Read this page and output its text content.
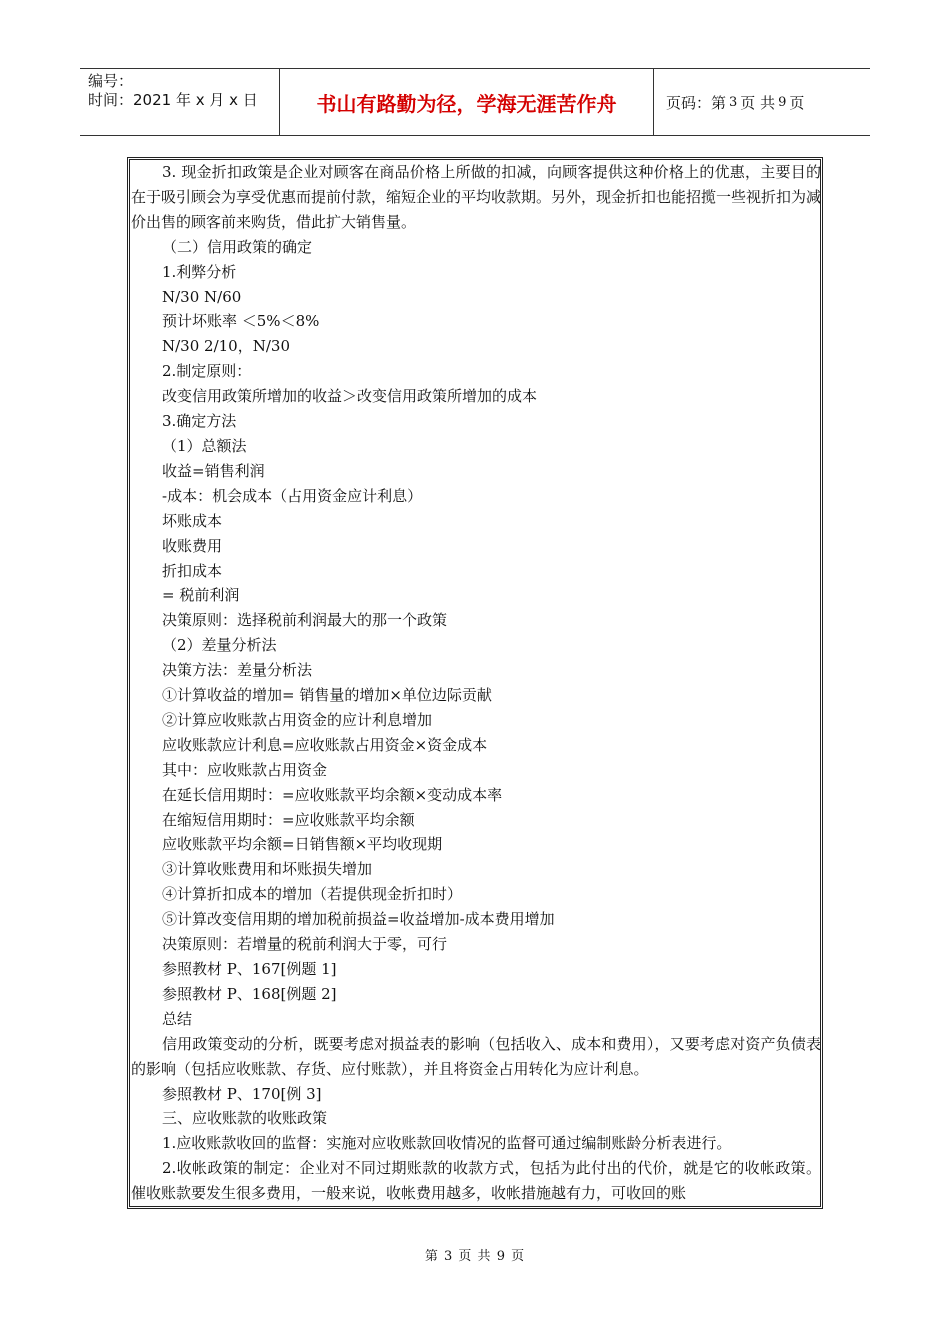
编号：
时间：2021 年 x 月 x 日	书山有路勤为径，学海无涯苦作舟	页码：第 3 页 共 9 页

3. 现金折扣政策是企业对顾客在商品价格上所做的扣减，向顾客提供这种价格上的优惠，主要目的在于吸引顾会为享受优惠而提前付款，缩短企业的平均收款期。另外，现金折扣也能招揽一些视折扣为减价出售的顾客前来购货，借此扩大销售量。

（二）信用政策的确定

1.利弊分析

N/30 N/60

预计坏账率 ＜5%＜8%

N/30 2/10，N/30

2.制定原则：

改变信用政策所增加的收益＞改变信用政策所增加的成本

3.确定方法

（1）总额法

收益=销售利润

-成本：机会成本（占用资金应计利息）

坏账成本

收账费用

折扣成本

= 税前利润

决策原则：选择税前利润最大的那一个政策

（2）差量分析法

决策方法：差量分析法

①计算收益的增加= 销售量的增加×单位边际贡献

②计算应收账款占用资金的应计利息增加

应收账款应计利息=应收账款占用资金×资金成本

其中：应收账款占用资金

在延长信用期时：=应收账款平均余额×变动成本率

在缩短信用期时：=应收账款平均余额

应收账款平均余额=日销售额×平均收现期

③计算收账费用和坏账损失增加

④计算折扣成本的增加（若提供现金折扣时）

⑤计算改变信用期的增加税前损益=收益增加-成本费用增加

决策原则：若增量的税前利润大于零，可行

参照教材 P、167[例题 1]

参照教材 P、168[例题 2]

总结

信用政策变动的分析，既要考虑对损益表的影响（包括收入、成本和费用），又要考虑对资产负债表的影响（包括应收账款、存货、应付账款），并且将资金占用转化为应计利息。

参照教材 P、170[例 3]

三、应收账款的收账政策

1.应收账款收回的监督：实施对应收账款回收情况的监督可通过编制账龄分析表进行。

2.收帐政策的制定：企业对不同过期账款的收款方式，包括为此付出的代价，就是它的收帐政策。催收账款要发生很多费用，一般来说，收帐费用越多，收帐措施越有力，可收回的账

第 3 页 共 9 页
